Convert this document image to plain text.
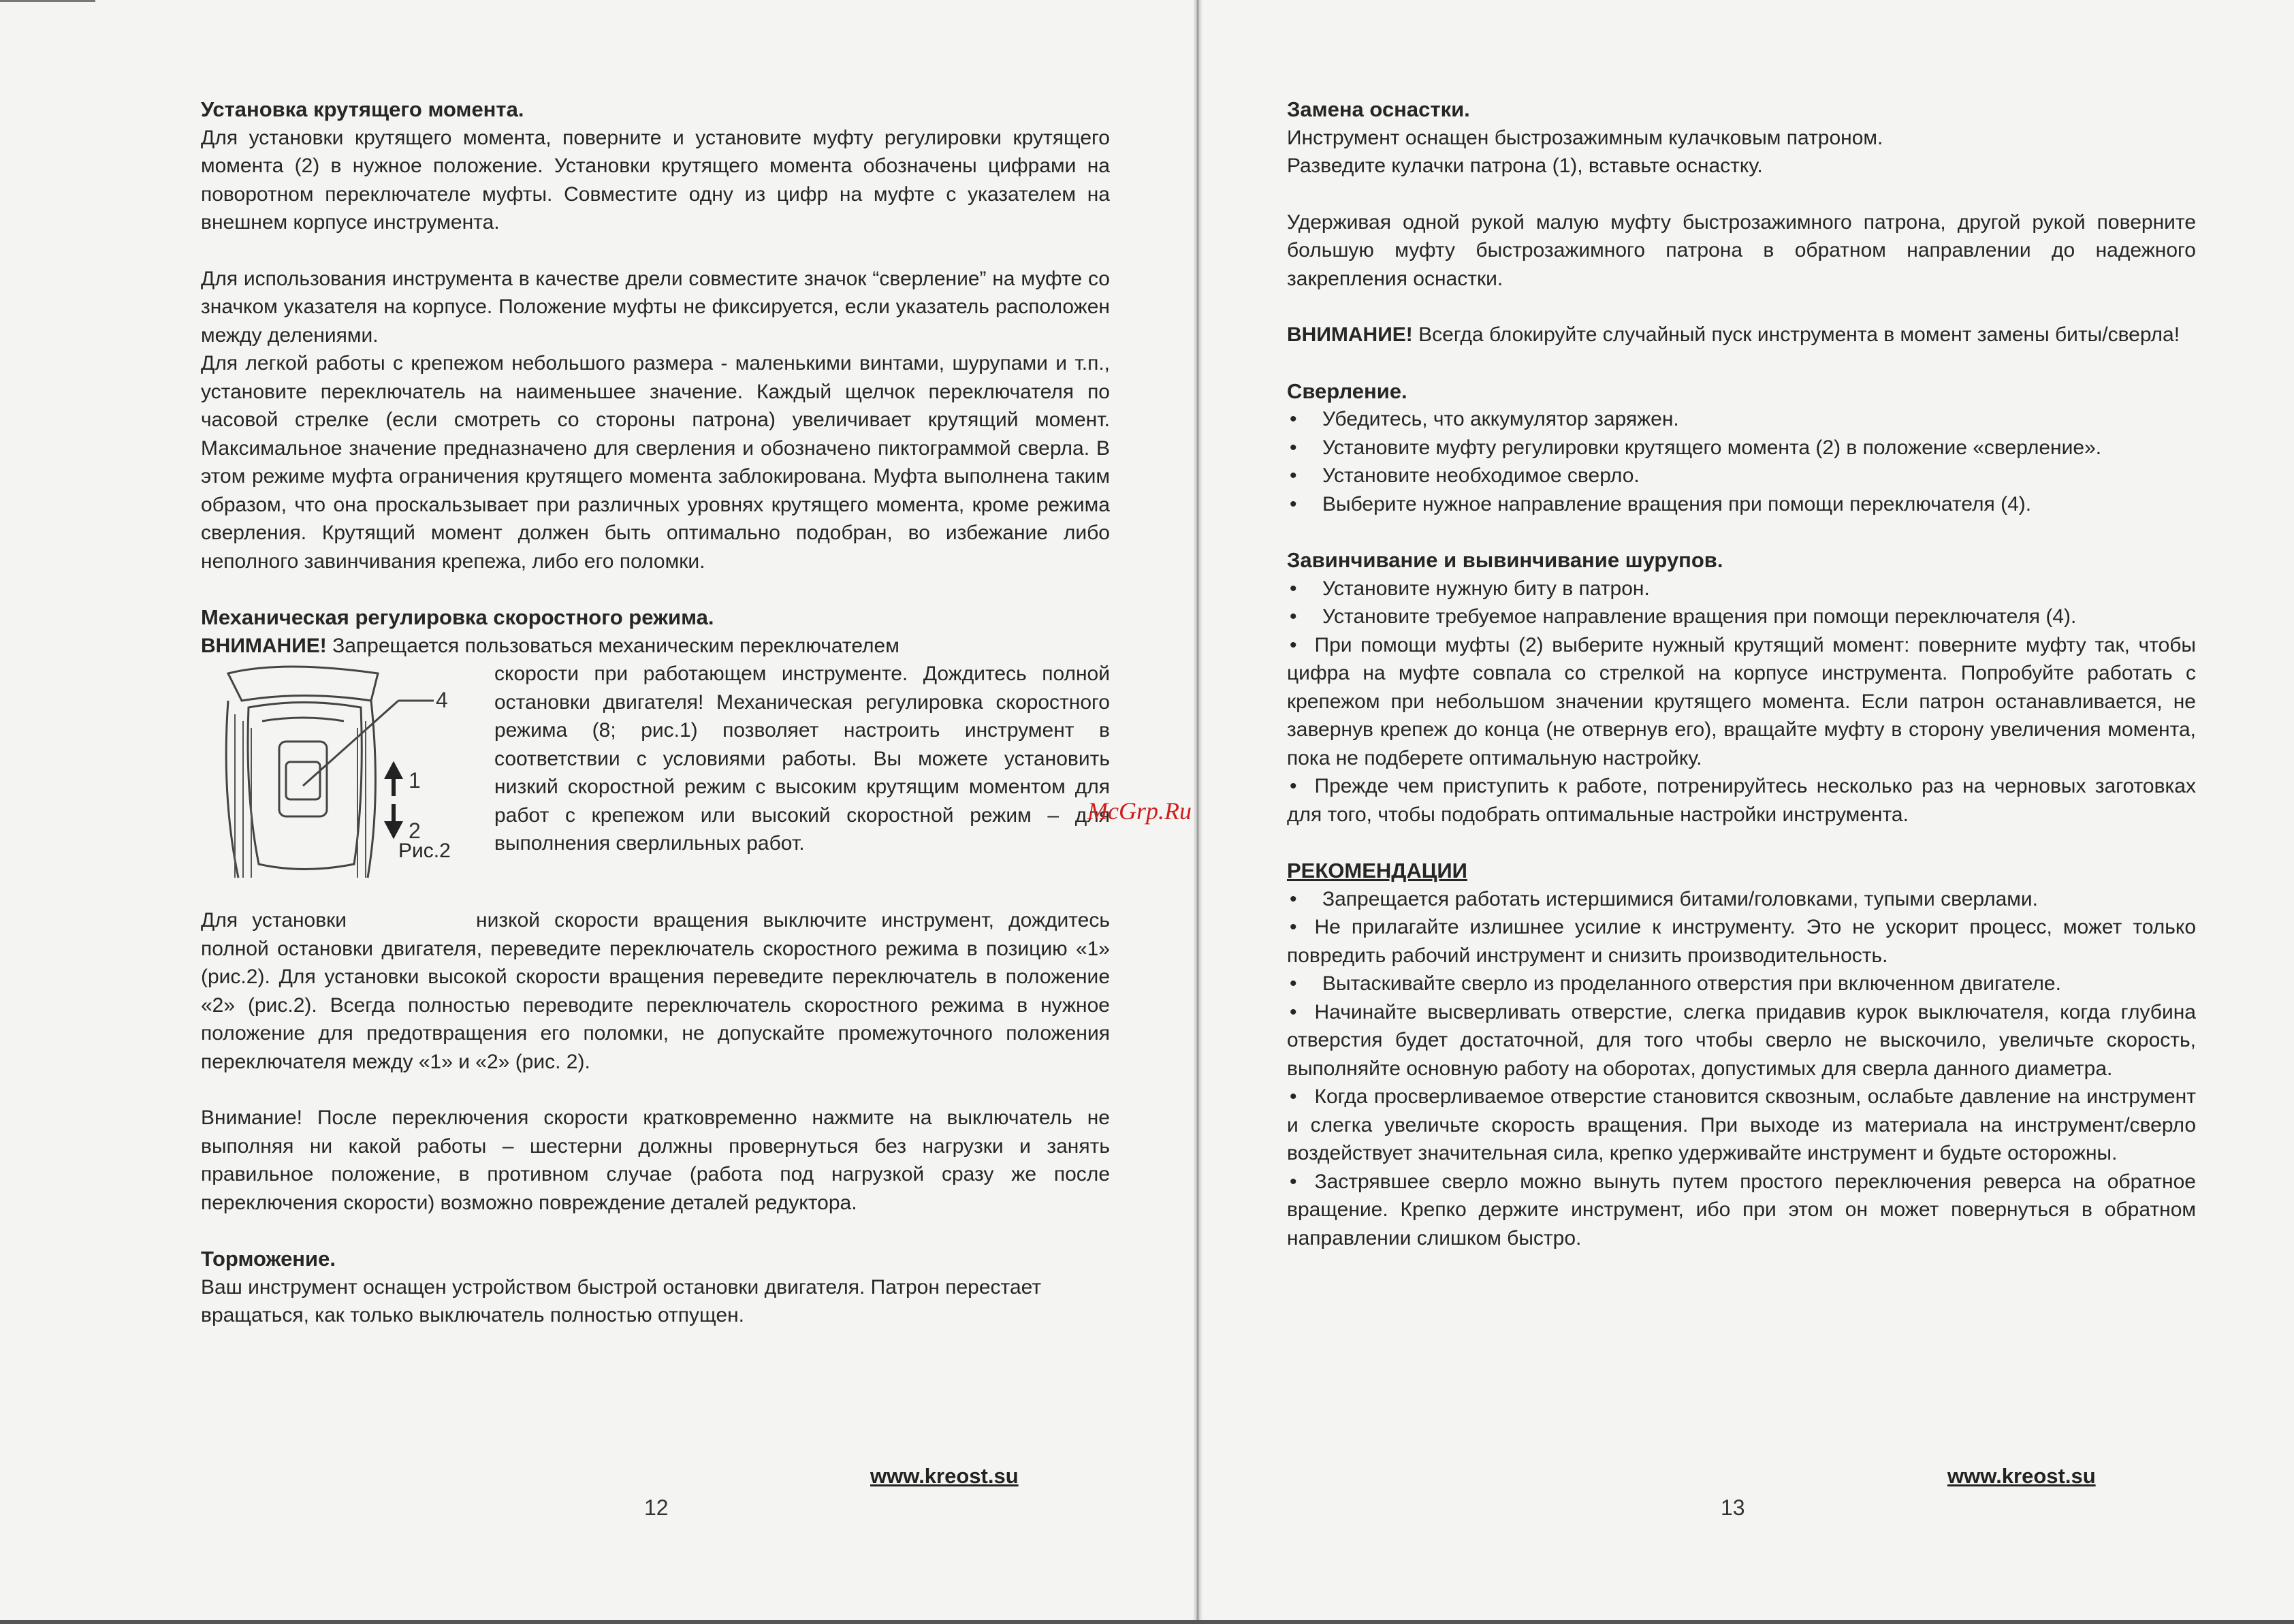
Установка крутящего момента.

Для установки крутящего момента, поверните и установите муфту регулировки крутящего момента (2) в нужное положение. Установки крутящего момента обозначены цифрами на поворотном переключателе муфты. Совместите одну из цифр на муфте с указателем на внешнем корпусе инструмента.

Для использования инструмента в качестве дрели совместите значок “сверление” на муфте со значком указателя на корпусе. Положение муфты не фиксируется, если указатель расположен между делениями.

Для легкой работы с крепежом небольшого размера - маленькими винтами, шурупами и т.п., установите переключатель на наименьшее значение. Каждый щелчок переключателя по часовой стрелке (если смотреть со стороны патрона) увеличивает крутящий момент. Максимальное значение предназначено для сверления и обозначено пиктограммой сверла. В этом режиме муфта ограничения крутящего момента заблокирована. Муфта выполнена таким образом, что она проскальзывает при различных уровнях крутящего момента, кроме режима сверления. Крутящий момент должен быть оптимально подобран, во избежание либо неполного завинчивания крепежа, либо его поломки.

Механическая регулировка скоростного режима.

ВНИМАНИЕ! Запрещается пользоваться механическим переключателем

4
1
2

Рис.2

скорости при работающем инструменте. Дождитесь полной остановки двигателя! Механическая регулировка скоростного режима (8; рис.1) позволяет настроить инструмент в соответствии с условиями работы. Вы можете установить низкий скоростной режим с высоким крутящим моментом для работ с крепежом или высокий скоростной режим – для выполнения сверлильных работ.

Для установки	низкой скорости вращения выключите инструмент, дождитесь полной остановки двигателя, переведите переключатель скоростного режима в позицию «1» (рис.2). Для установки высокой скорости вращения переведите переключатель в положение «2» (рис.2). Всегда полностью переводите переключатель скоростного режима в нужное положение для предотвращения его поломки, не допускайте промежуточного положения переключателя между «1» и «2» (рис. 2).

Внимание! После переключения скорости кратковременно нажмите на выключатель не выполняя ни какой работы – шестерни должны провернуться без нагрузки и занять правильное положение, в противном случае (работа под нагрузкой сразу же после переключения скорости) возможно повреждение деталей редуктора.

Торможение.

Ваш инструмент оснащен устройством быстрой остановки двигателя. Патрон перестает вращаться, как только выключатель полностью отпущен.

www.kreost.su
12
McGrp.Ru

Замена оснастки.

Инструмент оснащен быстрозажимным кулачковым патроном.

Разведите кулачки патрона (1), вставьте оснастку.

Удерживая одной рукой малую муфту быстрозажимного патрона, другой рукой поверните большую муфту быстрозажимного патрона в обратном направлении до надежного закрепления оснастки.

ВНИМАНИЕ! Всегда блокируйте случайный пуск инструмента в момент замены биты/сверла!

Сверление.

• Убедитесь, что аккумулятор заряжен.

• Установите муфту регулировки крутящего момента (2) в положение «сверление».

• Установите необходимое сверло.

• Выберите нужное направление вращения при помощи переключателя (4).

Завинчивание и вывинчивание шурупов.

• Установите нужную биту в патрон.

• Установите требуемое направление вращения при помощи переключателя (4).

• При помощи муфты (2) выберите нужный крутящий момент: поверните муфту так, чтобы цифра на муфте совпала со стрелкой на корпусе инструмента. Попробуйте работать с крепежом при небольшом значении крутящего момента. Если патрон останавливается, не завернув крепеж до конца (не отвернув его), вращайте муфту в сторону увеличения момента, пока не подберете оптимальную настройку.

• Прежде чем приступить к работе, потренируйтесь несколько раз на черновых заготовках для того, чтобы подобрать оптимальные настройки инструмента.

РЕКОМЕНДАЦИИ

• Запрещается работать истершимися битами/головками, тупыми сверлами.

• Не прилагайте излишнее усилие к инструменту. Это не ускорит процесс, может только повредить рабочий инструмент и снизить производительность.

• Вытаскивайте сверло из проделанного отверстия при включенном двигателе.

• Начинайте высверливать отверстие, слегка придавив курок выключателя, когда глубина отверстия будет достаточной, для того чтобы сверло не выскочило, увеличьте скорость, выполняйте основную работу на оборотах, допустимых для сверла данного диаметра.

• Когда просверливаемое отверстие становится сквозным, ослабьте давление на инструмент и слегка увеличьте скорость вращения. При выходе из материала на инструмент/сверло воздействует значительная сила, крепко удерживайте инструмент и будьте осторожны.

• Застрявшее сверло можно вынуть путем простого переключения реверса на обратное вращение. Крепко держите инструмент, ибо при этом он может повернуться в обратном направлении слишком быстро.

www.kreost.su
13
